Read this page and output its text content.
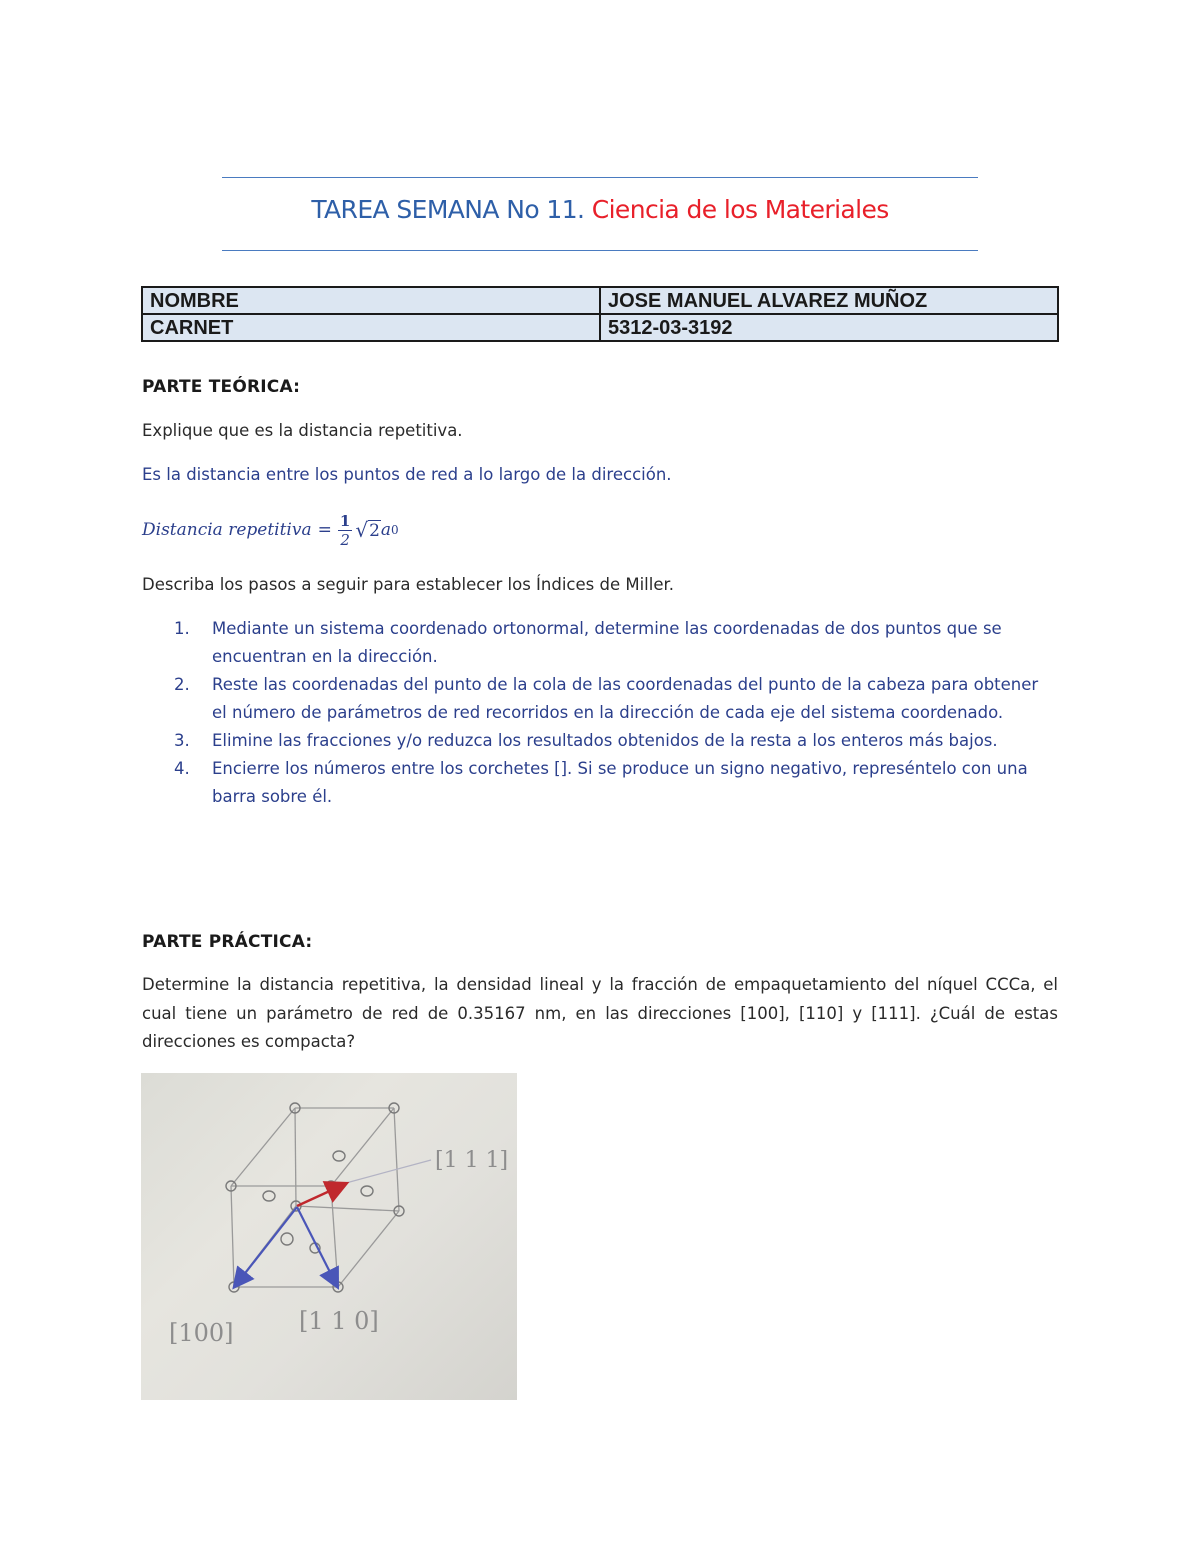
TAREA SEMANA No 11. Ciencia de los Materiales
NOMBRE	JOSE MANUEL ALVAREZ MUÑOZ
CARNET	5312-03-3192
PARTE TEÓRICA:
Explique que es la distancia repetitiva.
Es la distancia entre los puntos de red a lo largo de la dirección.
Distancia repetitiva = $\frac{1}{2}$ √ 2 a 0
Describa los pasos a seguir para establecer los Índices de Miller.
1. Mediante un sistema coordenado ortonormal, determine las coordenadas de dos puntos que se encuentran en la dirección.
2. Reste las coordenadas del punto de la cola de las coordenadas del punto de la cabeza para obtener el número de parámetros de red recorridos en la dirección de cada eje del sistema coordenado.
3. Elimine las fracciones y/o reduzca los resultados obtenidos de la resta a los enteros más bajos.
4. Encierre los números entre los corchetes []. Si se produce un signo negativo, represéntelo con una barra sobre él.
PARTE PRÁCTICA:
Determine la distancia repetitiva, la densidad lineal y la fracción de empaquetamiento del níquel CCCa, el cual tiene un parámetro de red de 0.35167 nm, en las direcciones [100], [110] y [111]. ¿Cuál de estas direcciones es compacta?
[1 1 1]
[100]	[1 1 0]
